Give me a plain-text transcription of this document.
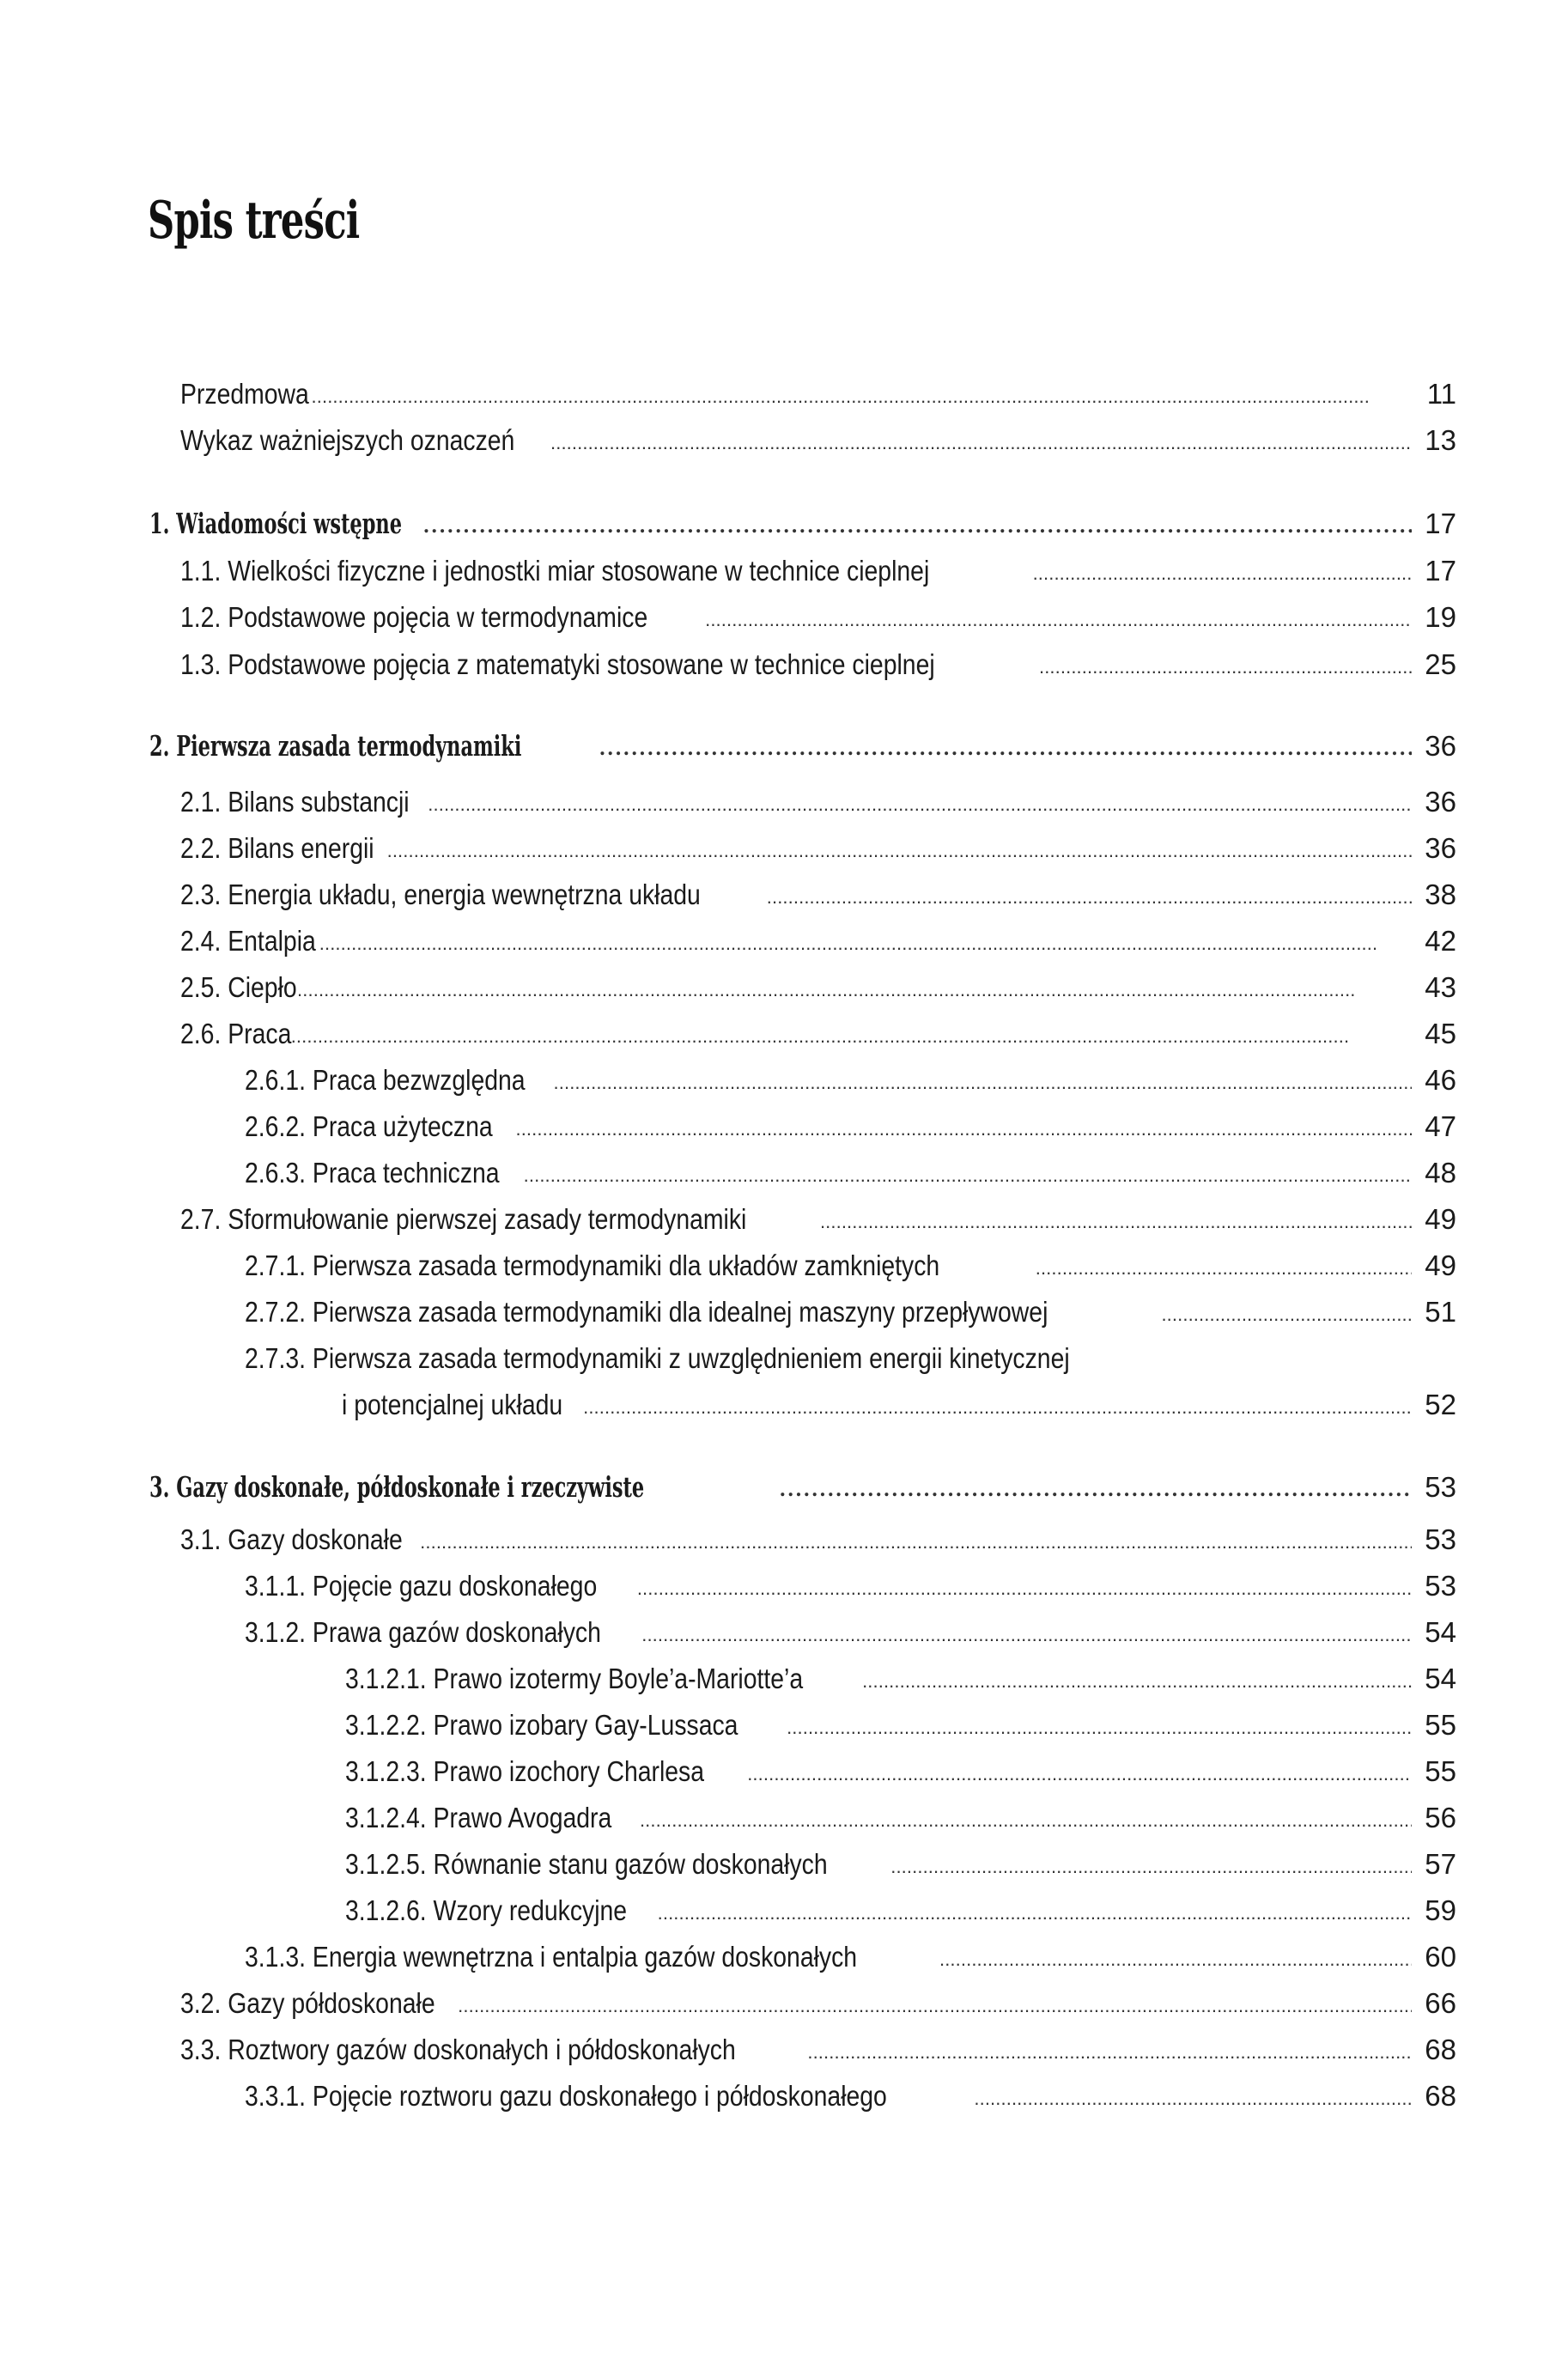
Spis treści
Przedmowa . . .	11
Wykaz ważniejszych oznaczeń . . .	13
1. Wiadomości wstępne . . .	17
1.1. Wielkości fizyczne i jednostki miar stosowane w technice cieplnej . . .	17
1.2. Podstawowe pojęcia w termodynamice . . .	19
1.3. Podstawowe pojęcia z matematyki stosowane w technice cieplnej . . .	25
2. Pierwsza zasada termodynamiki . . .	36
2.1. Bilans substancji . . .	36
2.2. Bilans energii . . .	36
2.3. Energia układu, energia wewnętrzna układu . . .	38
2.4. Entalpia . . .	42
2.5. Ciepło . . .	43
2.6. Praca . . .	45
2.6.1. Praca bezwzględna . . .	46
2.6.2. Praca użyteczna . . .	47
2.6.3. Praca techniczna . . .	48
2.7. Sformułowanie pierwszej zasady termodynamiki . . .	49
2.7.1. Pierwsza zasada termodynamiki dla układów zamkniętych . . .	49
2.7.2. Pierwsza zasada termodynamiki dla idealnej maszyny przepływowej . . .	51
2.7.3. Pierwsza zasada termodynamiki z uwzględnieniem energii kinetycznej
i potencjalnej układu . . .	52
3. Gazy doskonałe, półdoskonałe i rzeczywiste . . .	53
3.1. Gazy doskonałe . . .	53
3.1.1. Pojęcie gazu doskonałego . . .	53
3.1.2. Prawa gazów doskonałych . . .	54
3.1.2.1. Prawo izotermy Boyle’a-Mariotte’a . . .	54
3.1.2.2. Prawo izobary Gay-Lussaca . . .	55
3.1.2.3. Prawo izochory Charlesa . . .	55
3.1.2.4. Prawo Avogadra . . .	56
3.1.2.5. Równanie stanu gazów doskonałych . . .	57
3.1.2.6. Wzory redukcyjne . . .	59
3.1.3. Energia wewnętrzna i entalpia gazów doskonałych . . .	60
3.2. Gazy półdoskonałe . . .	66
3.3. Roztwory gazów doskonałych i półdoskonałych . . .	68
3.3.1. Pojęcie roztworu gazu doskonałego i półdoskonałego . . .	68
